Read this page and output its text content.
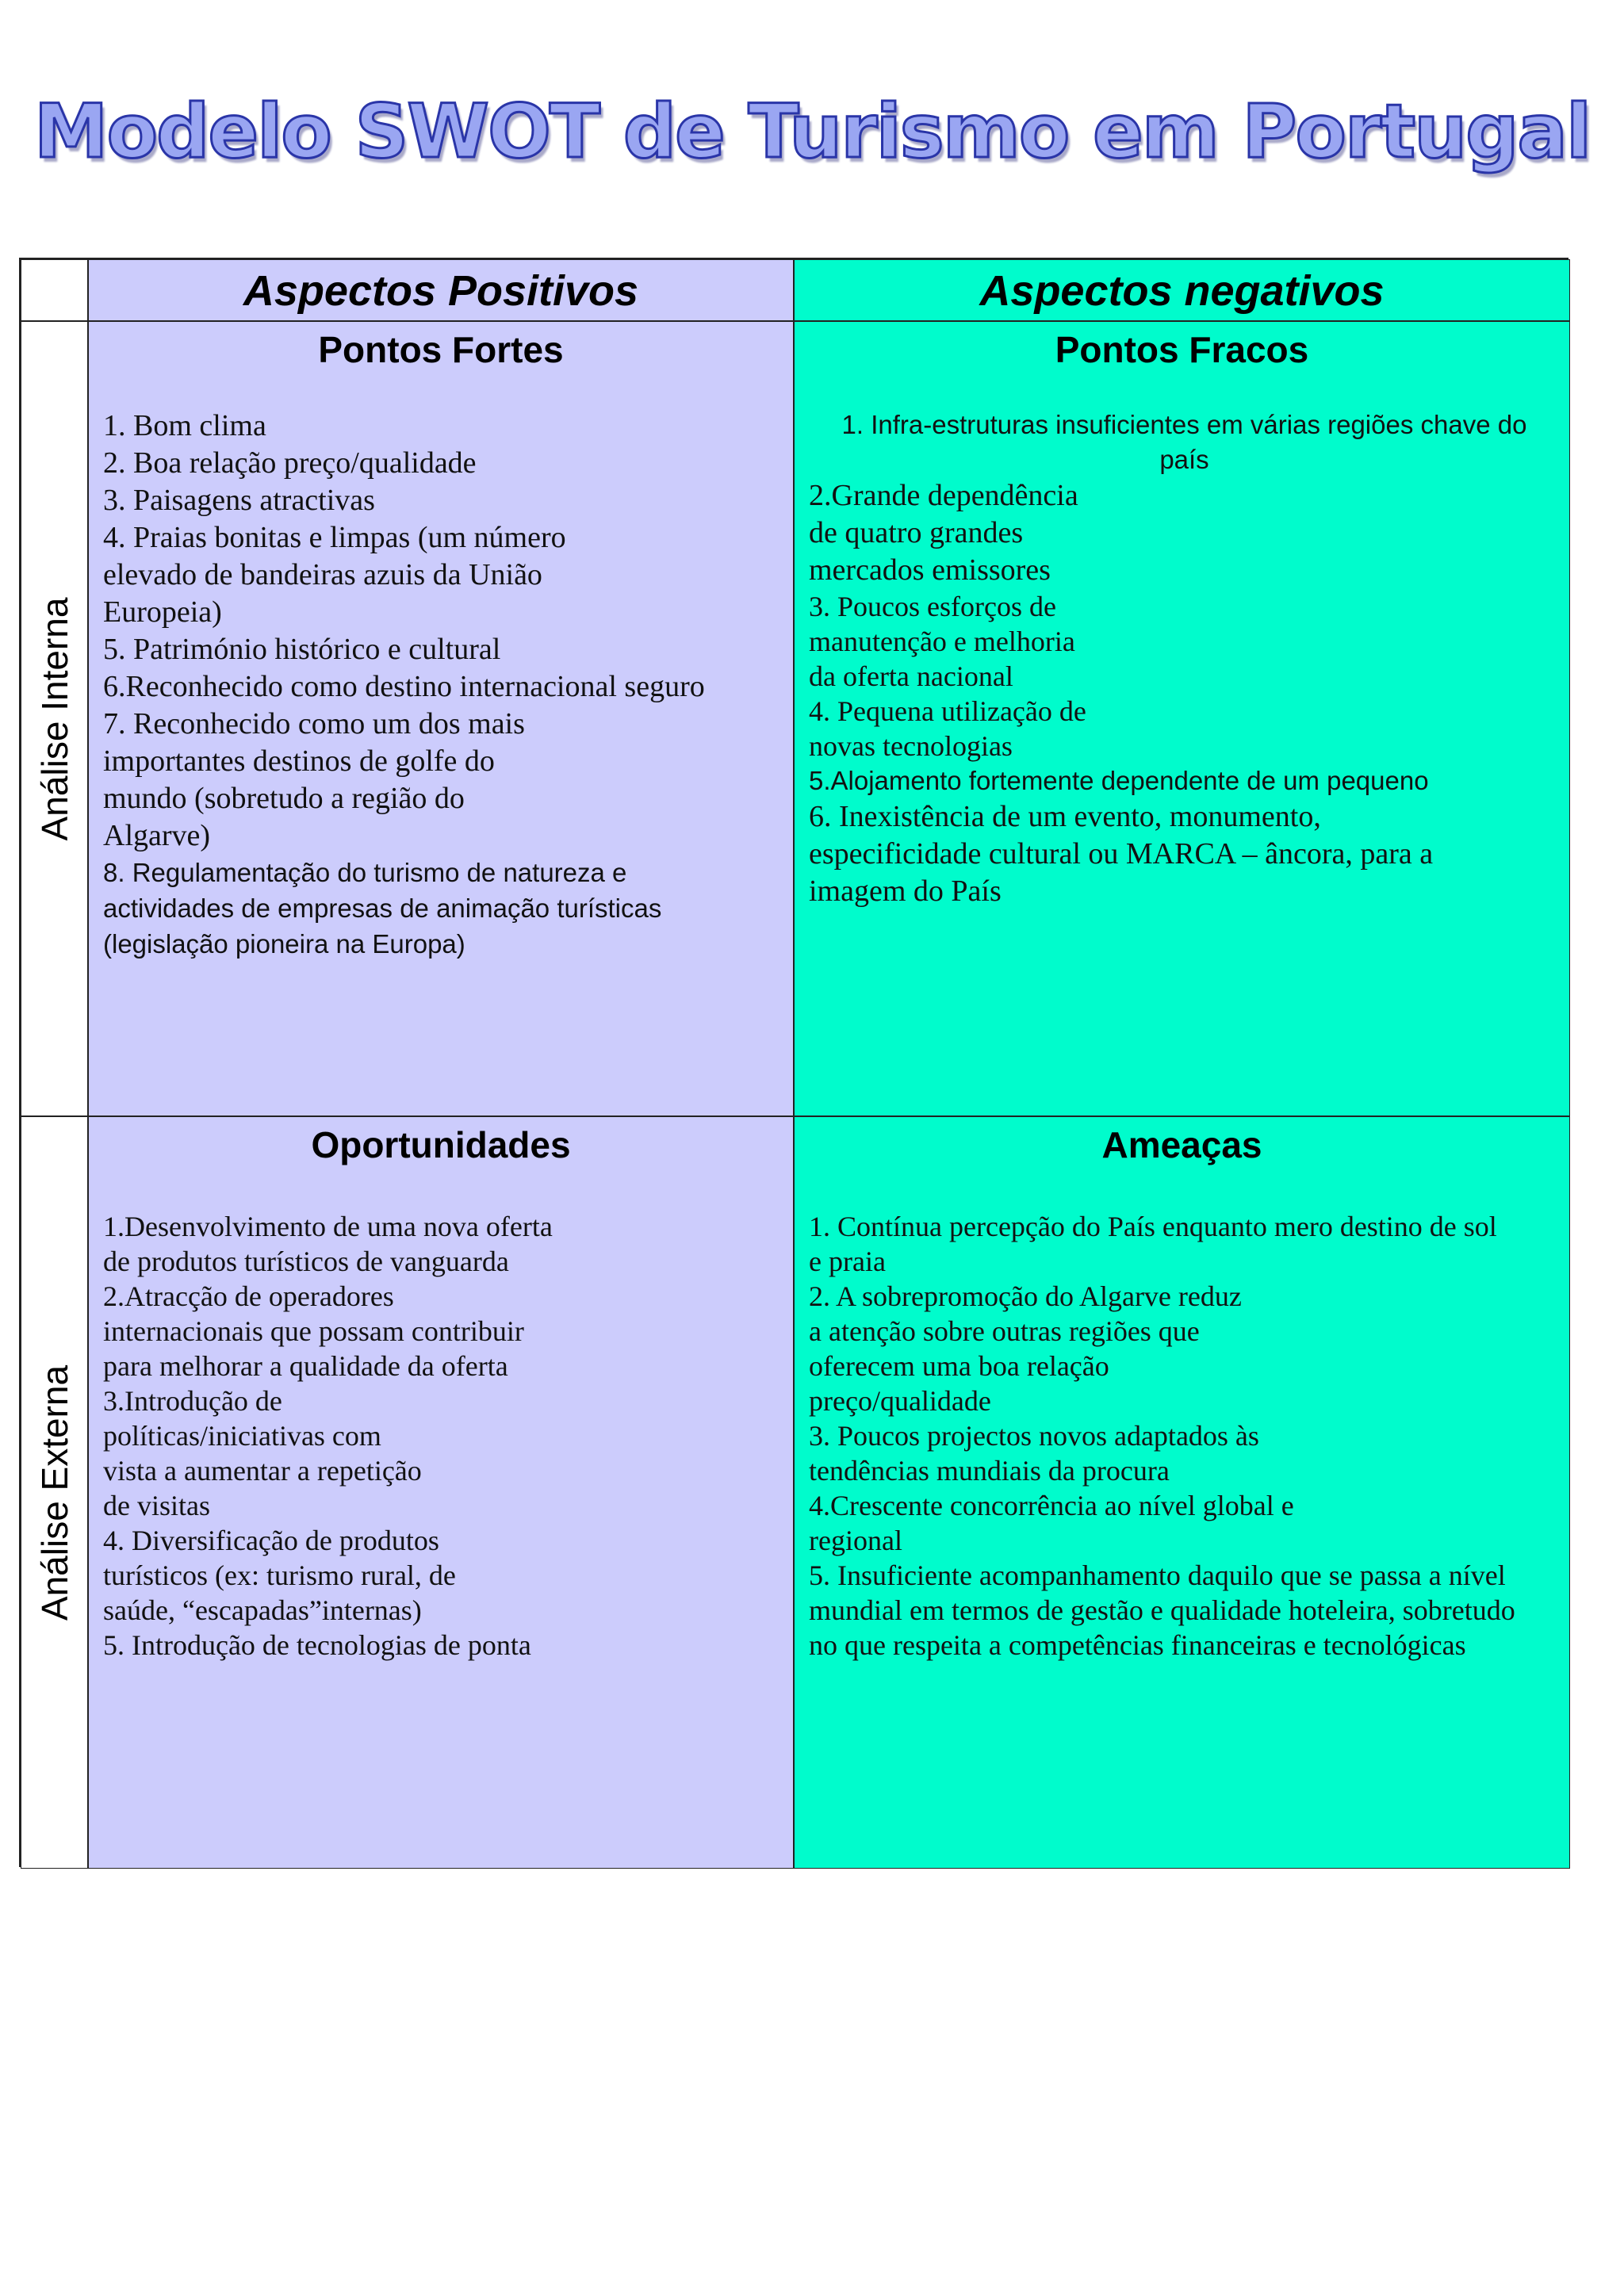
Modelo SWOT de Turismo em Portugal
Aspectos Positivos	Aspectos negativos
Análise Interna
Pontos Fortes
1. Bom clima
2. Boa relação preço/qualidade
3. Paisagens atractivas
4. Praias bonitas e limpas (um número
elevado de bandeiras azuis da União
Europeia)
5. Património histórico e cultural
6.Reconhecido como destino internacional seguro
7. Reconhecido como um dos mais
importantes destinos de golfe do
mundo (sobretudo a região do
Algarve)
8. Regulamentação do turismo de natureza e
actividades de empresas de animação turísticas
(legislação pioneira na Europa)
Pontos Fracos
1. Infra-estruturas insuficientes em várias regiões chave do
país
2.Grande dependência
de quatro grandes
mercados emissores
3. Poucos esforços de
manutenção e melhoria
da oferta nacional
4. Pequena utilização de
novas tecnologias
5.Alojamento fortemente dependente de um pequeno
6. Inexistência de um evento, monumento,
especificidade cultural ou MARCA – âncora, para a
imagem do País
Análise Externa
Oportunidades
1.Desenvolvimento de uma nova oferta
de produtos turísticos de vanguarda
2.Atracção de operadores
internacionais que possam contribuir
para melhorar a qualidade da oferta
3.Introdução de
políticas/iniciativas com
vista a aumentar a repetição
de visitas
4. Diversificação de produtos
turísticos (ex: turismo rural, de
saúde, “escapadas”internas)
5. Introdução de tecnologias de ponta
Ameaças
1. Contínua percepção do País enquanto mero destino de sol
e praia
2. A sobrepromoção do Algarve reduz
a atenção sobre outras regiões que
oferecem uma boa relação
preço/qualidade
3. Poucos projectos novos adaptados às
tendências mundiais da procura
4.Crescente concorrência ao nível global e
regional
5. Insuficiente acompanhamento daquilo que se passa a nível
mundial em termos de gestão e qualidade hoteleira, sobretudo
no que respeita a competências financeiras e tecnológicas
